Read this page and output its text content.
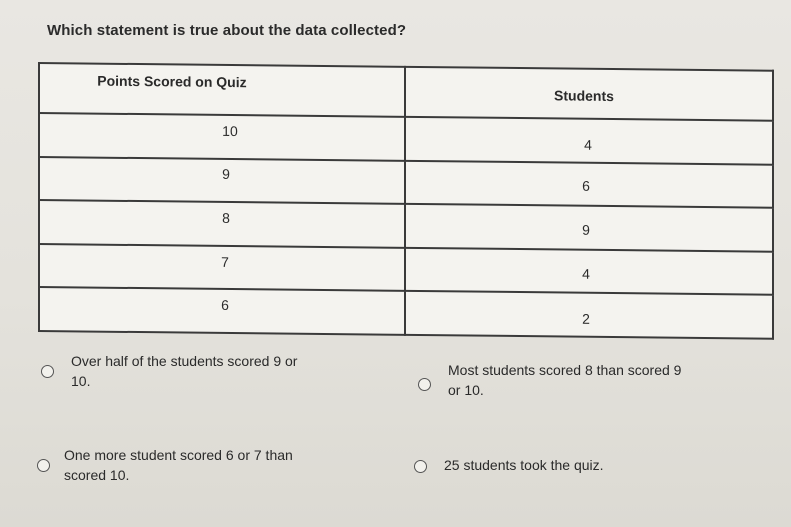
Which statement is true about the data collected?
Points Scored on Quiz	Students
10	4
9	6
8	9
7	4
6	2
Over half of the students scored 9 or
10.
Most students scored 8 than scored 9
or 10.
One more student scored 6 or 7 than
scored 10.
25 students took the quiz.
